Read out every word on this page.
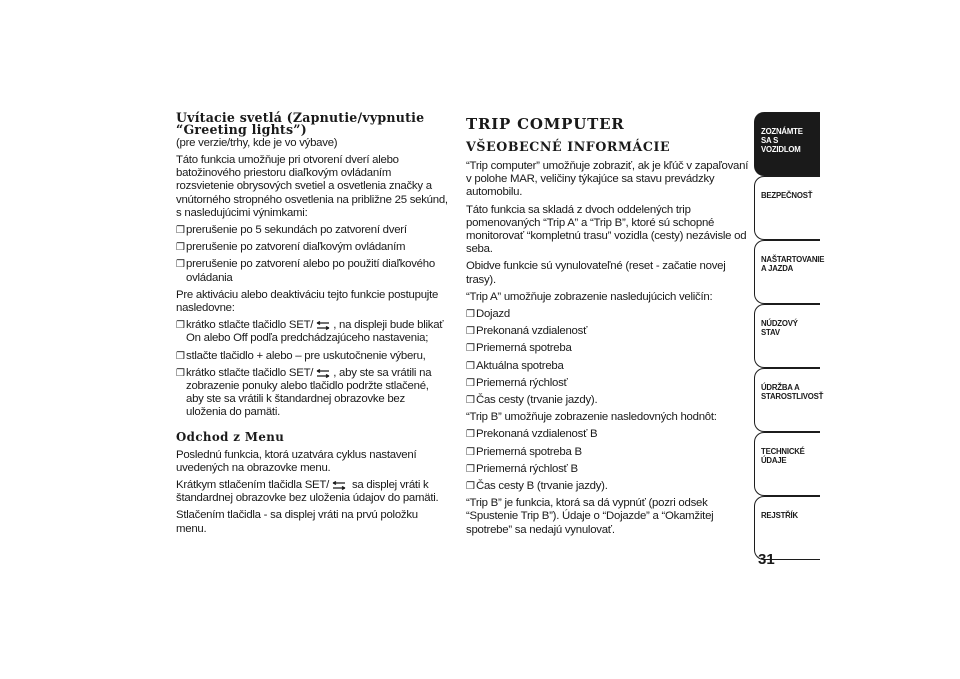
Uvítacie svetlá (Zapnutie/vypnutie “Greeting lights”)

(pre verzie/trhy, kde je vo výbave)

Táto funkcia umožňuje pri otvorení dverí alebo batožinového priestoru diaľkovým ovládaním rozsvietenie obrysových svetiel a osvetlenia značky a vnútorného stropného osvetlenia na približne 25 sekúnd, s nasledujúcimi výnimkami:

❒ prerušenie po 5 sekundách po zatvorení dverí
❒ prerušenie po zatvorení diaľkovým ovládaním
❒ prerušenie po zatvorení alebo po použití diaľkového ovládania

Pre aktiváciu alebo deaktiváciu tejto funkcie postupujte nasledovne:

❒ krátko stlačte tlačidlo SET/ , na displeji bude blikať On alebo Off podľa predchádzajúceho nastavenia;
❒ stlačte tlačidlo + alebo – pre uskutočnenie výberu,
❒ krátko stlačte tlačidlo SET/ , aby ste sa vrátili na zobrazenie ponuky alebo tlačidlo podržte stlačené, aby ste sa vrátili k štandardnej obrazovke bez uloženia do pamäti.
Odchod z Menu

Poslednú funkcia, ktorá uzatvára cyklus nastavení uvedených na obrazovke menu.

Krátkym stlačením tlačidla SET/ sa displej vráti k štandardnej obrazovke bez uloženia údajov do pamäti.

Stlačením tlačidla - sa displej vráti na prvú položku menu.

TRIP COMPUTER
VŠEOBECNÉ INFORMÁCIE

“Trip computer” umožňuje zobraziť, ak je kľúč v zapaľovaní v polohe MAR, veličiny týkajúce sa stavu prevádzky automobilu.

Táto funkcia sa skladá z dvoch oddelených trip pomenovaných “Trip A” a “Trip B”, ktoré sú schopné monitorovať “kompletnú trasu” vozidla (cesty) nezávisle od seba.

Obidve funkcie sú vynulovateľné (reset - začatie novej trasy).

“Trip A” umožňuje zobrazenie nasledujúcich veličín:

❒ Dojazd
❒ Prekonaná vzdialenosť
❒ Priemerná spotreba
❒ Aktuálna spotreba
❒ Priemerná rýchlosť
❒ Čas cesty (trvanie jazdy).

“Trip B” umožňuje zobrazenie nasledovných hodnôt:

❒ Prekonaná vzdialenosť B
❒ Priemerná spotreba B
❒ Priemerná rýchlosť B
❒ Čas cesty B (trvanie jazdy).

“Trip B” je funkcia, ktorá sa dá vypnúť (pozri odsek “Spustenie Trip B”). Údaje o “Dojazde” a “Okamžitej spotrebe” sa nedajú vynulovať.

ZOZNÁMTE SA S VOZIDLOM
BEZPEČNOSŤ
NAŠTARTOVANIE A JAZDA
NÚDZOVÝ STAV
ÚDRŽBA A STAROSTLIVOSŤ
TECHNICKÉ ÚDAJE
REJSTŘÍK
31
